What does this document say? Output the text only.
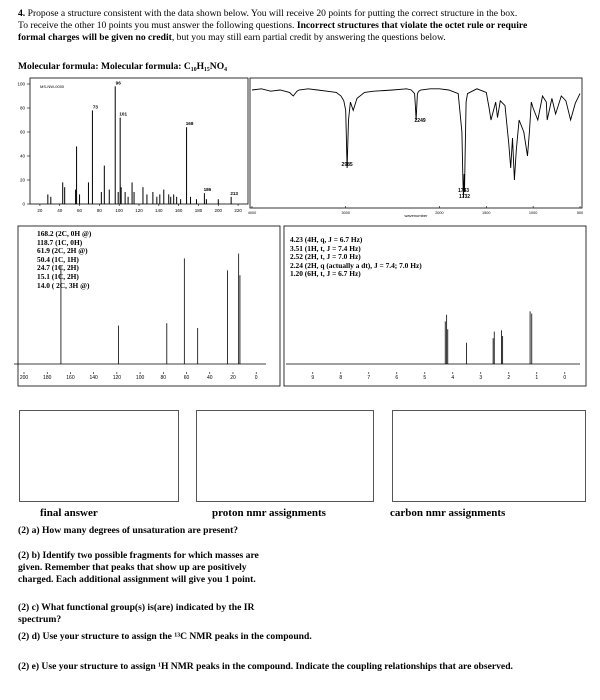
4. Propose a structure consistent with the data shown below. You will receive 20 points for putting the correct structure in the box.
To receive the other 10 points you must answer the following questions. Incorrect structures that violate the octet rule or require
formal charges will be given no credit, but you may still earn partial credit by answering the questions below.
Molecular formula: Molecular formula: C₁₀H₁₅NO₄
MS-NW-0000
100
80
60
40
20
0
20	40	60	80	100	120	140	160	180	200	220
73
96
101
168
186
213
wavenumber
4000	3000	2000	1500	1000	500
2985
2249
1743
1732
200	180	160	140	120	100	80	60	40	20	0
168.2 (2C, 0H @)
118.7 (1C, 0H)
61.9 (2C, 2H @)
50.4 (1C, 1H)
24.7 (1C, 2H)
15.1 (1C, 2H)
14.0 ( 2C, 3H @)
9	8	7	6	5	4	3	2	1	0
4.23 (4H, q, J = 6.7 Hz)
3.51 (1H, t, J = 7.4 Hz)
2.52 (2H, t, J = 7.0 Hz)
2.24 (2H, q (actually a dt), J = 7.4; 7.0 Hz)
1.20 (6H, t, J = 6.7 Hz)
final answer	proton nmr assignments	carbon nmr assignments
(2) a) How many degrees of unsaturation are present?
(2) b) Identify two possible fragments for which masses are
given. Remember that peaks that show up are positively
charged. Each additional assignment will give you 1 point.
(2) c) What functional group(s) is(are) indicated by the IR
spectrum?
(2) d) Use your structure to assign the ¹³C NMR peaks in the compound.
(2) e) Use your structure to assign ¹H NMR peaks in the compound. Indicate the coupling relationships that are observed.
